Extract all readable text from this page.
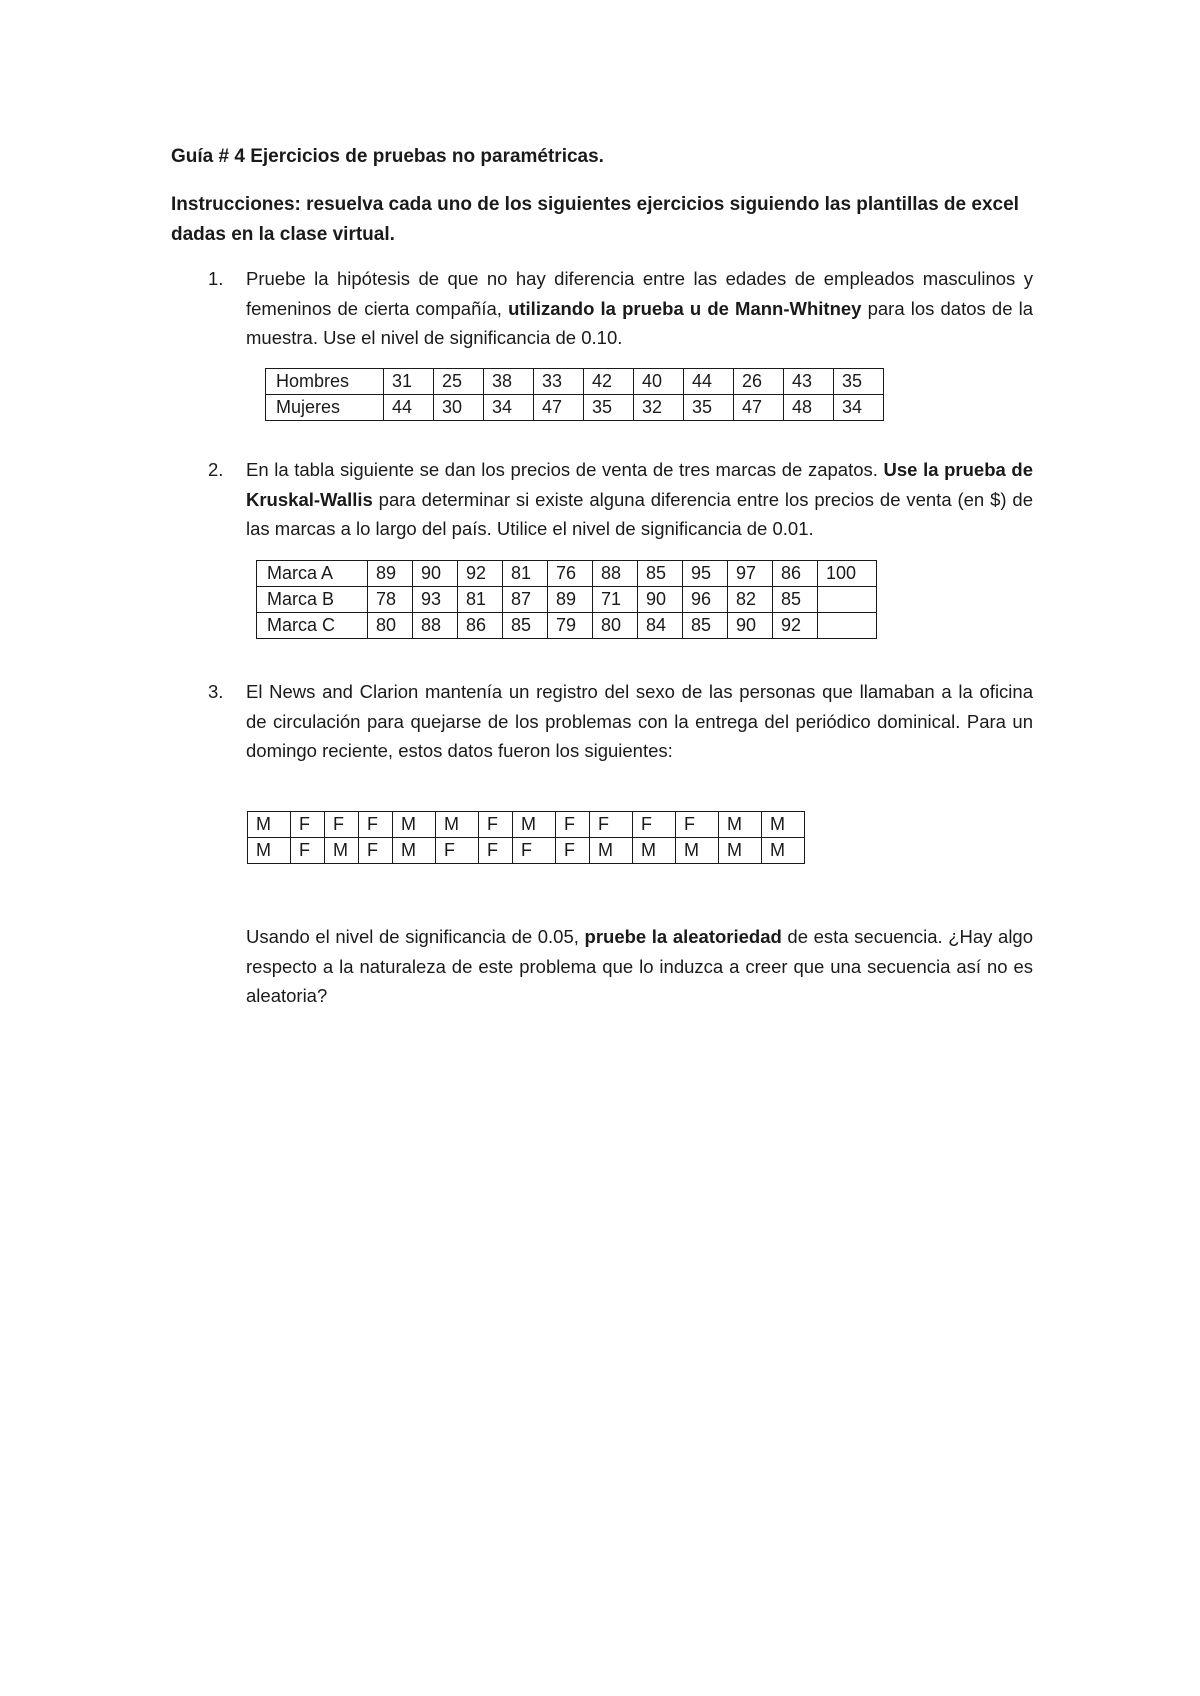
Guía # 4 Ejercicios de pruebas no paramétricas.
Instrucciones: resuelva cada uno de los siguientes ejercicios siguiendo las plantillas de excel dadas en la clase virtual.
1. Pruebe la hipótesis de que no hay diferencia entre las edades de empleados masculinos y femeninos de cierta compañía, utilizando la prueba u de Mann-Whitney para los datos de la muestra. Use el nivel de significancia de 0.10.
Hombres	31	25	38	33	42	40	44	26	43	35
Mujeres	44	30	34	47	35	32	35	47	48	34
2. En la tabla siguiente se dan los precios de venta de tres marcas de zapatos. Use la prueba de Kruskal-Wallis para determinar si existe alguna diferencia entre los precios de venta (en $) de las marcas a lo largo del país. Utilice el nivel de significancia de 0.01.
Marca A	89	90	92	81	76	88	85	95	97	86	100
Marca B	78	93	81	87	89	71	90	96	82	85	
Marca C	80	88	86	85	79	80	84	85	90	92	
3. El News and Clarion mantenía un registro del sexo de las personas que llamaban a la oficina de circulación para quejarse de los problemas con la entrega del periódico dominical. Para un domingo reciente, estos datos fueron los siguientes:
M	F	F	F	M	M	F	M	F	F	F	F	M	M
M	F	M	F	M	F	F	F	F	M	M	M	M	M
Usando el nivel de significancia de 0.05, pruebe la aleatoriedad de esta secuencia. ¿Hay algo respecto a la naturaleza de este problema que lo induzca a creer que una secuencia así no es aleatoria?
